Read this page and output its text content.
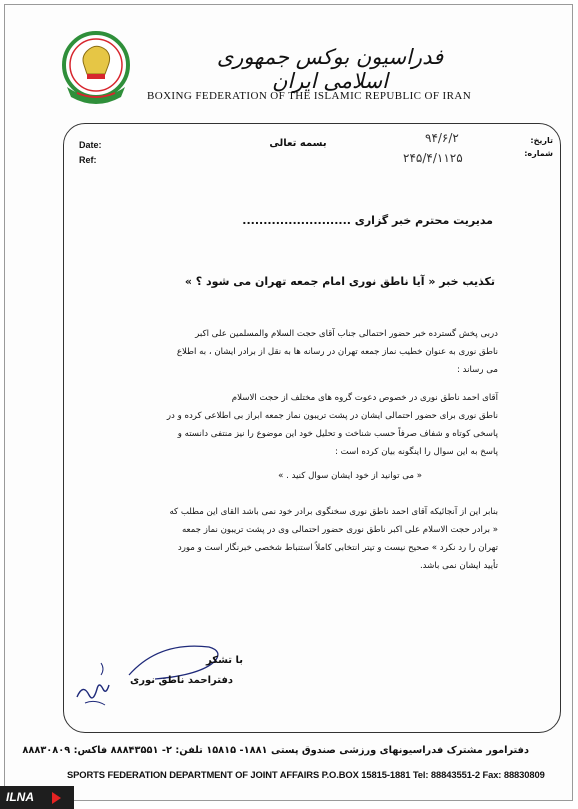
فدراسیون بوکس جمهوری اسلامی ایران
BOXING FEDERATION OF THE ISLAMIC REPUBLIC OF IRAN
Date:
Ref:
تاریخ:
شماره:
۹۴/۶/۲
۲۴۵/۴/۱۱۲۵
بسمه تعالی
مدیریت محترم خبر گزاری ..........................
تکذیب خبر « آیا ناطق نوری امام جمعه تهران می شود ؟ »
دربی پخش گسترده خبر حضور احتمالی جناب آقای حجت السلام والمسلمین علی اکبر
ناطق نوری به عنوان خطیب نماز جمعه تهران در رسانه ها به نقل از برادر ایشان ، به اطلاع
می رساند :
آقای احمد ناطق نوری در خصوص دعوت گروه های مختلف از حجت الاسلام
ناطق نوری برای حضور احتمالی ایشان در پشت تریبون نماز جمعه ابراز بی اطلاعی کرده و در
پاسخی کوتاه و شفاف صرفاً حسب شناخت و تحلیل خود این موضوع را نیز منتفی دانسته و
پاسخ به این سوال را اینگونه بیان کرده است :
« می توانید از خود ایشان سوال کنید . »
بنابر این از آنجائیکه آقای احمد ناطق نوری سخنگوی برادر خود نمی باشد القای این مطلب که
« برادر حجت الاسلام علی اکبر ناطق نوری حضور احتمالی وی در پشت تریبون نماز جمعه
تهران را رد نکرد » صحیح نیست و تیتر انتخابی کاملاً استنباط شخصی خبرنگار است و مورد
تأیید ایشان نمی باشد.
با تشکر
دفتراحمد ناطق نوری
دفترامور مشترک فدراسیونهای ورزشی صندوق پستی ۱۸۸۱- ۱۵۸۱۵ تلفن: ۲- ۸۸۸۴۳۵۵۱ فاکس: ۸۸۸۳۰۸۰۹
SPORTS FEDERATION DEPARTMENT OF JOINT AFFAIRS P.O.BOX 15815-1881 Tel: 88843551-2 Fax: 88830809
ILNA
